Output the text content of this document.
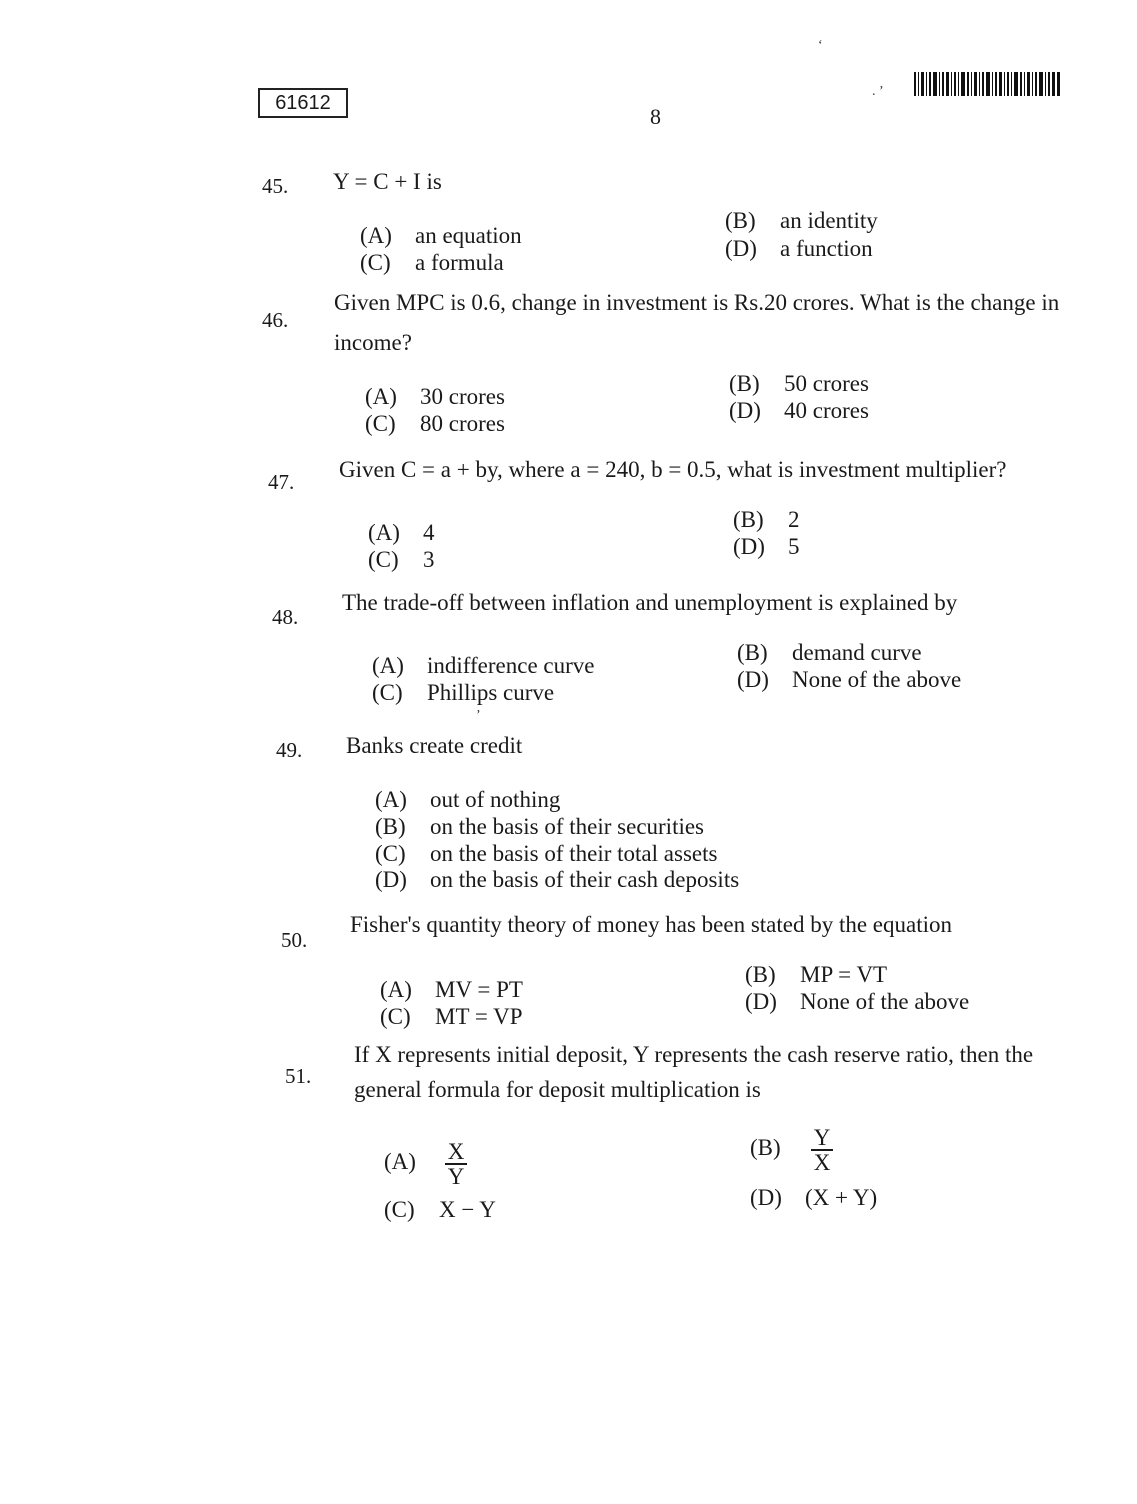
61612
8
ʻ
. ʼ
45. Y = C + I is
(A) an equation
(B) an identity
(C) a formula
(D) a function
46.
Given MPC is 0.6, change in investment is Rs.20 crores. What is the change in
income?
(A) 30 crores
(B) 50 crores
(C) 80 crores
(D) 40 crores
47. Given C = a + by, where a = 240, b = 0.5, what is investment multiplier?
(A) 4
(B) 2
(C) 3
(D) 5
48.
The trade-off between inflation and unemployment is explained by
(A) indifference curve
(B) demand curve
(C) Phillips curve
(D) None of the above
ʼ
49. Banks create credit
(A) out of nothing
(B) on the basis of their securities
(C) on the basis of their total assets
(D) on the basis of their cash deposits
50.
Fisher's quantity theory of money has been stated by the equation
(A) MV = PT
(B) MP = VT
(C) MT = VP
(D) None of the above
51.
If X represents initial deposit, Y represents the cash reserve ratio, then the
general formula for deposit multiplication is
$(A) \frac{X}{Y}$	$(B) \frac{Y}{X}$
(C) X − Y	(D) (X + Y)
